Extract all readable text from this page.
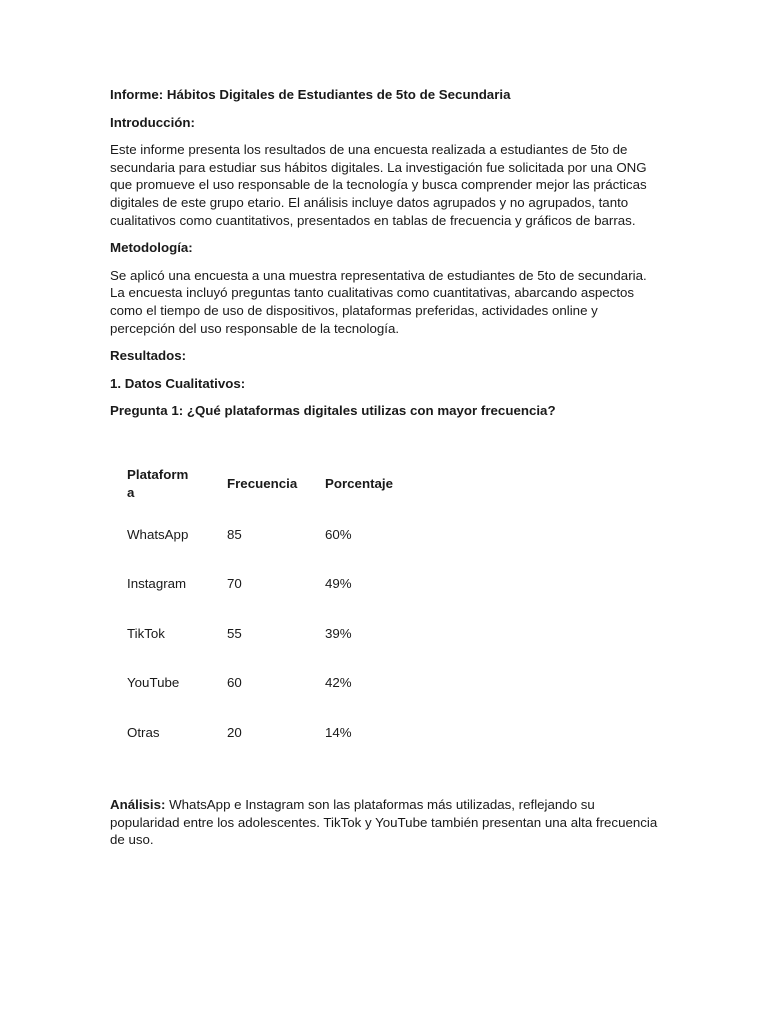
Informe: Hábitos Digitales de Estudiantes de 5to de Secundaria

Introducción:

Este informe presenta los resultados de una encuesta realizada a estudiantes de 5to de secundaria para estudiar sus hábitos digitales. La investigación fue solicitada por una ONG que promueve el uso responsable de la tecnología y busca comprender mejor las prácticas digitales de este grupo etario. El análisis incluye datos agrupados y no agrupados, tanto cualitativos como cuantitativos, presentados en tablas de frecuencia y gráficos de barras.

Metodología:

Se aplicó una encuesta a una muestra representativa de estudiantes de 5to de secundaria. La encuesta incluyó preguntas tanto cualitativas como cuantitativas, abarcando aspectos como el tiempo de uso de dispositivos, plataformas preferidas, actividades online y percepción del uso responsable de la tecnología.

Resultados:

1. Datos Cualitativos:

Pregunta 1: ¿Qué plataformas digitales utilizas con mayor frecuencia?

Plataform a	Frecuencia	Porcentaje
WhatsApp	85	60%
Instagram	70	49%
TikTok	55	39%
YouTube	60	42%
Otras	20	14%

Análisis: WhatsApp e Instagram son las plataformas más utilizadas, reflejando su popularidad entre los adolescentes. TikTok y YouTube también presentan una alta frecuencia de uso.
